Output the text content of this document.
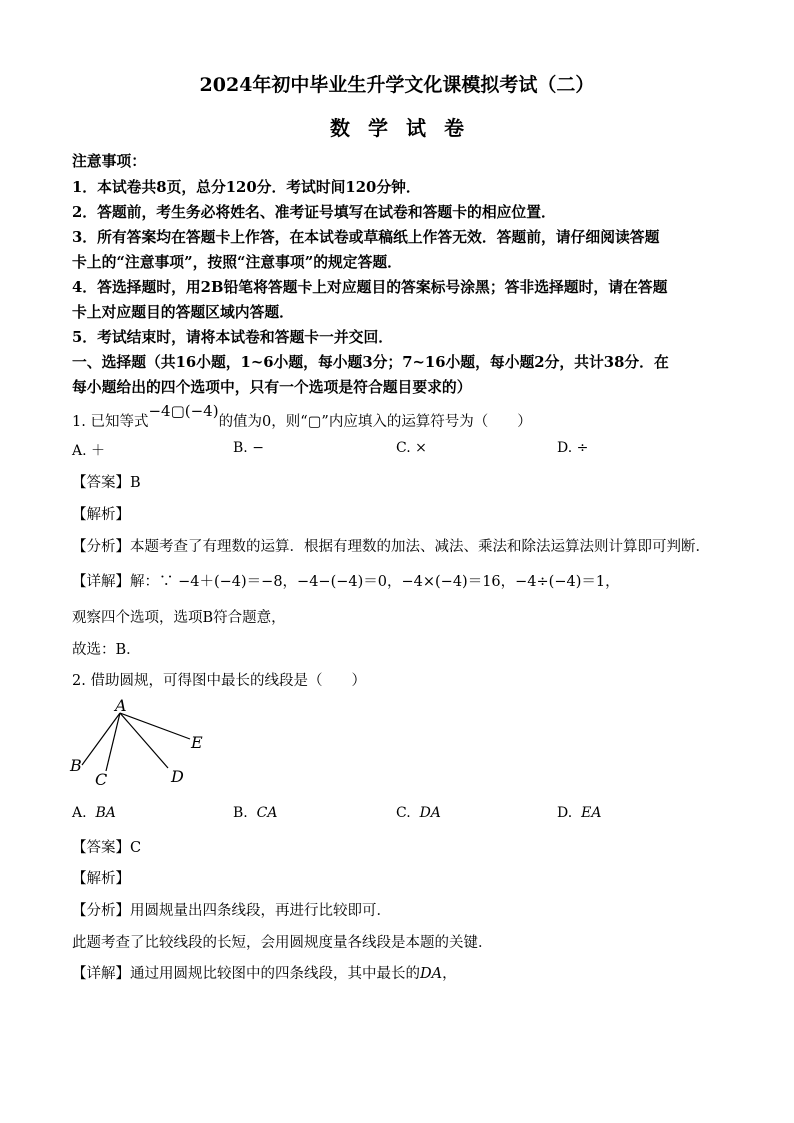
2024年初中毕业生升学文化课模拟考试（二）
数学试卷
注意事项：
1．本试卷共8页，总分120分．考试时间120分钟．
2．答题前，考生务必将姓名、准考证号填写在试卷和答题卡的相应位置．
3．所有答案均在答题卡上作答，在本试卷或草稿纸上作答无效．答题前，请仔细阅读答题
卡上的“注意事项”，按照“注意事项”的规定答题．
4．答选择题时，用2B铅笔将答题卡上对应题目的答案标号涂黑；答非选择题时，请在答题
卡上对应题目的答题区域内答题．
5．考试结束时，请将本试卷和答题卡一并交回．
一、选择题（共16小题，1~6小题，每小题3分；7~16小题，每小题2分，共计38分．在
每小题给出的四个选项中，只有一个选项是符合题目要求的）
1. 已知等式−4▢(−4)的值为0，则“▢”内应填入的运算符号为（　　）
A. ＋	B. −	C. ×	D. ÷
【答案】B
【解析】
【分析】本题考查了有理数的运算．根据有理数的加法、减法、乘法和除法运算法则计算即可判断．
【详解】解：∵ −4＋(−4)＝−8，−4−(−4)＝0，−4×(−4)＝16，−4÷(−4)＝1，
观察四个选项，选项B符合题意，
故选：B．
2. 借助圆规，可得图中最长的线段是（　　）
A
B
C	D
E
A. BA	B. CA	C. DA	D. EA
【答案】C
【解析】
【分析】用圆规量出四条线段，再进行比较即可．
此题考查了比较线段的长短，会用圆规度量各线段是本题的关键．
【详解】通过用圆规比较图中的四条线段，其中最长的DA，
